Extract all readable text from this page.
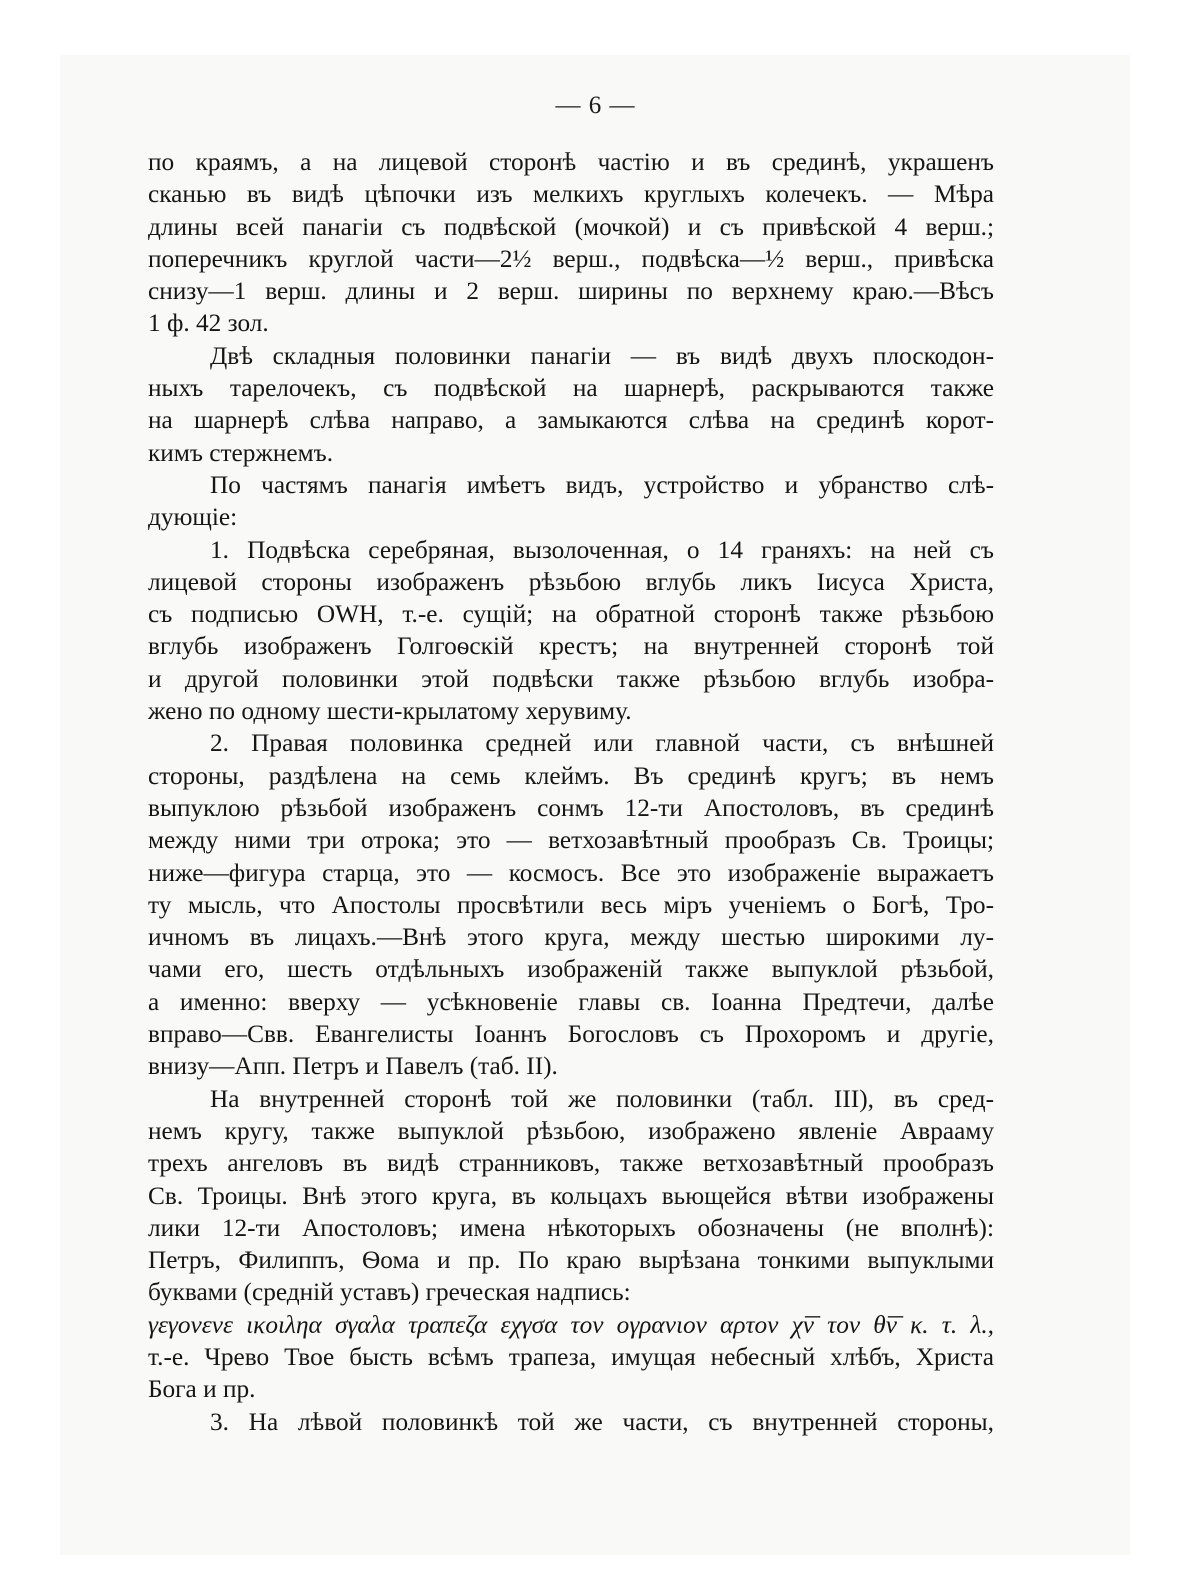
— 6 —
по краямъ, а на лицевой сторонѣ частію и въ срединѣ, украшенъ
сканью въ видѣ цѣпочки изъ мелкихъ круглыхъ колечекъ. — Мѣра
длины всей панагіи съ подвѣской (мочкой) и съ привѣской 4 верш.;
поперечникъ круглой части—2½ верш., подвѣска—½ верш., привѣска
снизу—1 верш. длины и 2 верш. ширины по верхнему краю.—Вѣсъ
1 ф. 42 зол.
Двѣ складныя половинки панагіи — въ видѣ двухъ плоскодон-
ныхъ тарелочекъ, съ подвѣской на шарнерѣ, раскрываются также
на шарнерѣ слѣва направо, а замыкаются слѣва на срединѣ корот-
кимъ стержнемъ.
По частямъ панагія имѣетъ видъ, устройство и убранство слѣ-
дующіе:
1. Подвѣска серебряная, вызолоченная, о 14 граняхъ: на ней съ
лицевой стороны изображенъ рѣзьбою вглубь ликъ Іисуса Христа,
съ подписью ОWН, т.-е. сущій; на обратной сторонѣ также рѣзьбою
вглубь изображенъ Голгоѳскій крестъ; на внутренней сторонѣ той
и другой половинки этой подвѣски также рѣзьбою вглубь изобра-
жено по одному шести-крылатому херувиму.
2. Правая половинка средней или главной части, съ внѣшней
стороны, раздѣлена на семь клеймъ. Въ срединѣ кругъ; въ немъ
выпуклою рѣзьбой изображенъ сонмъ 12-ти Апостоловъ, въ срединѣ
между ними три отрока; это — ветхозавѣтный прообразъ Св. Троицы;
ниже—фигура старца, это — космосъ. Все это изображеніе выражаетъ
ту мысль, что Апостолы просвѣтили весь міръ ученіемъ о Богѣ, Тро-
ичномъ въ лицахъ.—Внѣ этого круга, между шестью широкими лу-
чами его, шесть отдѣльныхъ изображеній также выпуклой рѣзьбой,
а именно: вверху — усѣкновеніе главы св. Іоанна Предтечи, далѣе
вправо—Свв. Евангелисты Іоаннъ Богословъ съ Прохоромъ и другіе,
внизу—Апп. Петръ и Павелъ (таб. II).
На внутренней сторонѣ той же половинки (табл. III), въ сред-
немъ кругу, также выпуклой рѣзьбою, изображено явленіе Аврааму
трехъ ангеловъ въ видѣ странниковъ, также ветхозавѣтный прообразъ
Св. Троицы. Внѣ этого круга, въ кольцахъ вьющейся вѣтви изображены
лики 12-ти Апостоловъ; имена нѣкоторыхъ обозначены (не вполнѣ):
Петръ, Филиппъ, Ѳома и пр. По краю вырѣзана тонкими выпуклыми
буквами (среднiй уставъ) греческая надпись:
γεγονενε ικοιληα σγαλα τραπεζα εχγσα τον ογρανιον αρτον χ͞ν τον θ͞ν κ. τ. λ.,
т.-е. Чрево Твое бысть всѣмъ трапеза, имущая небесный хлѣбъ, Христа
Бога и пр.
3. На лѣвой половинкѣ той же части, съ внутренней стороны,
